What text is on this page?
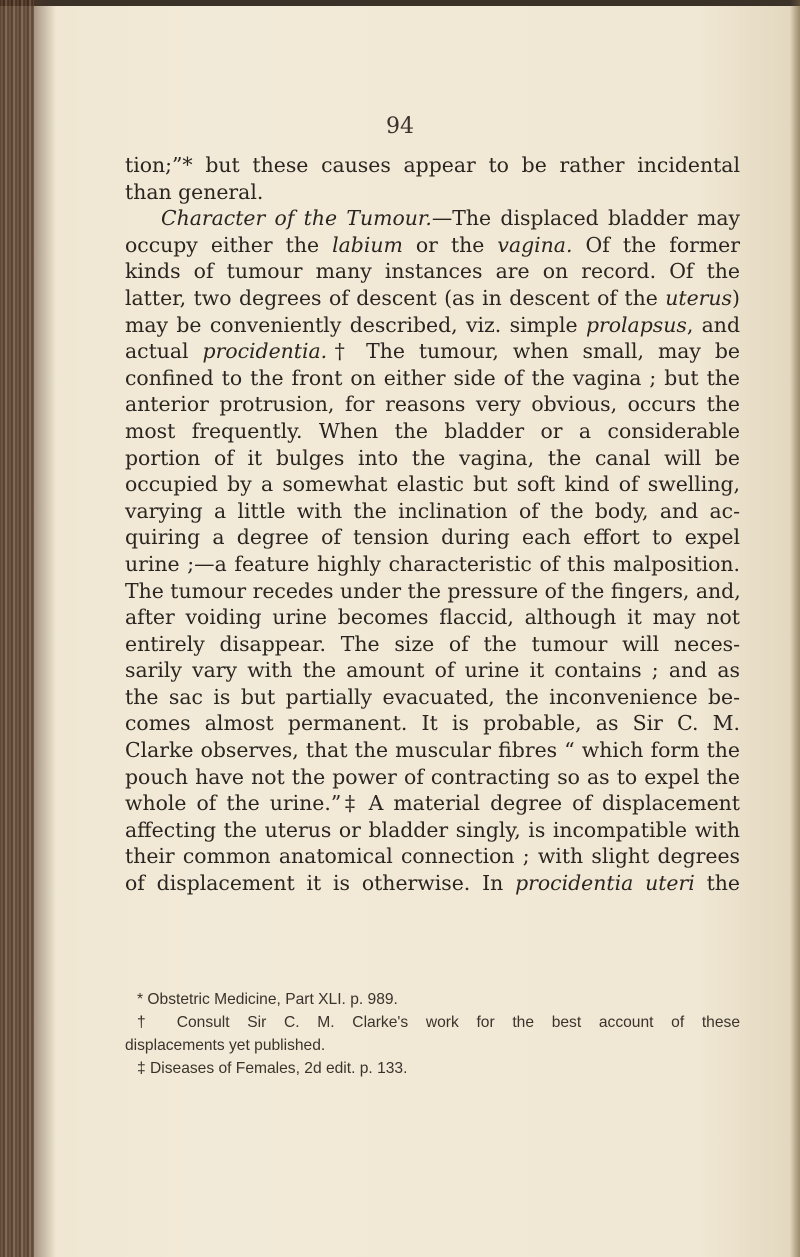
94
tion;”* but these causes appear to be rather incidental
than general.
Character of the Tumour.—The displaced bladder may
occupy either the labium or the vagina. Of the former
kinds of tumour many instances are on record. Of the
latter, two degrees of descent (as in descent of the uterus)
may be conveniently described, viz. simple prolapsus, and
actual procidentia.† The tumour, when small, may be
confined to the front on either side of the vagina ; but the
anterior protrusion, for reasons very obvious, occurs the
most frequently. When the bladder or a considerable
portion of it bulges into the vagina, the canal will be
occupied by a somewhat elastic but soft kind of swelling,
varying a little with the inclination of the body, and ac-
quiring a degree of tension during each effort to expel
urine ;—a feature highly characteristic of this malposition.
The tumour recedes under the pressure of the fingers, and,
after voiding urine becomes flaccid, although it may not
entirely disappear. The size of the tumour will neces-
sarily vary with the amount of urine it contains ; and as
the sac is but partially evacuated, the inconvenience be-
comes almost permanent. It is probable, as Sir C. M.
Clarke observes, that the muscular fibres “ which form the
pouch have not the power of contracting so as to expel the
whole of the urine.”‡ A material degree of displacement
affecting the uterus or bladder singly, is incompatible with
their common anatomical connection ; with slight degrees
of displacement it is otherwise. In procidentia uteri the
* Obstetric Medicine, Part XLI. p. 989.
† Consult Sir C. M. Clarke's work for the best account of these
displacements yet published.
‡ Diseases of Females, 2d edit. p. 133.
